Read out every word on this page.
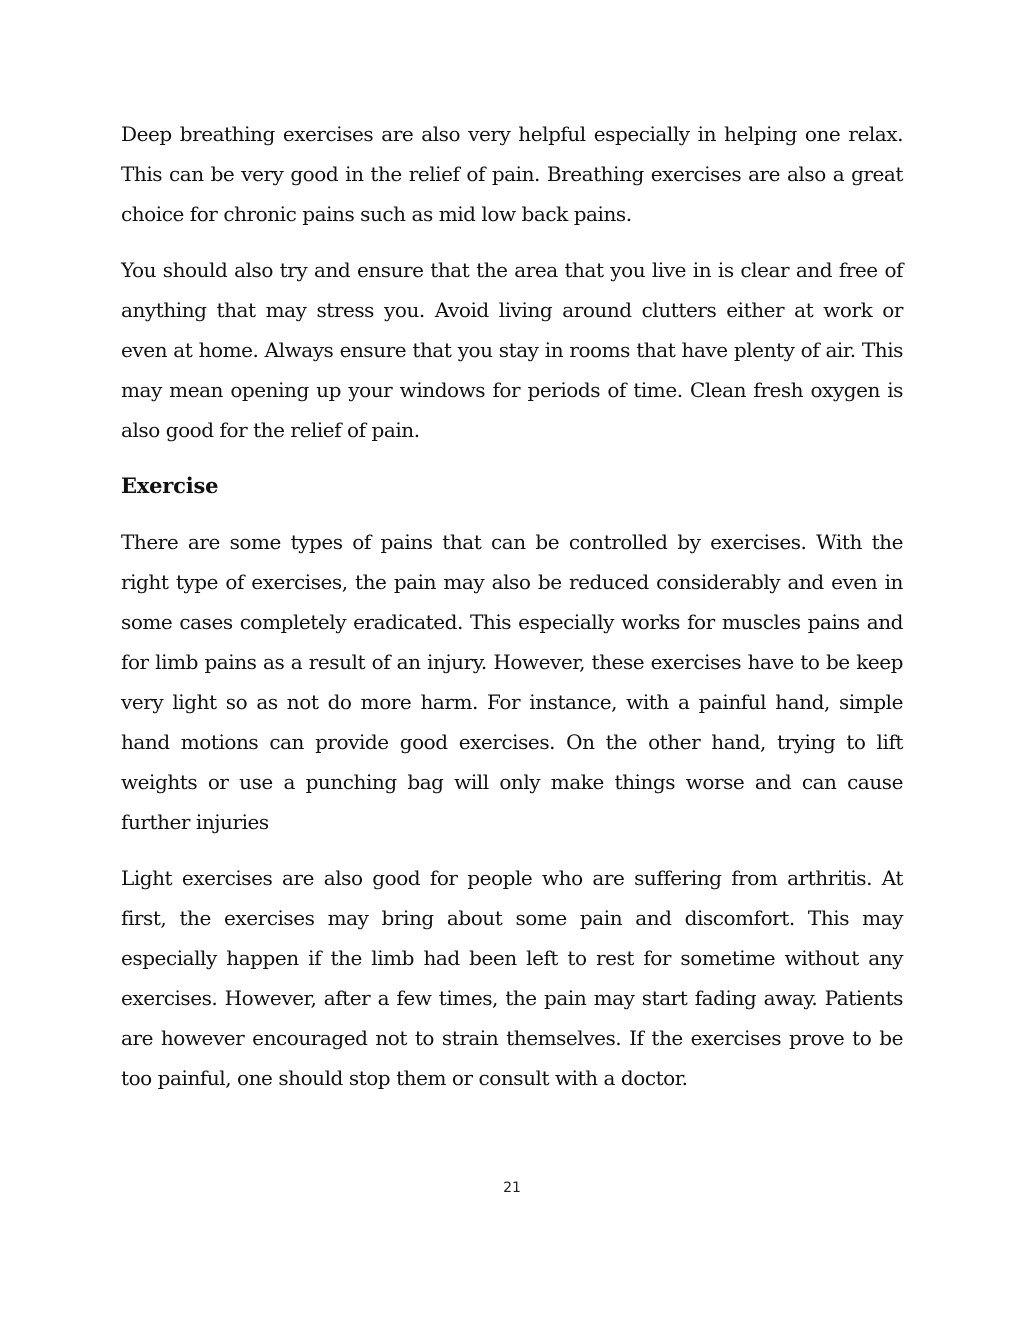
Deep breathing exercises are also very helpful especially in helping one relax. This can be very good in the relief of pain. Breathing exercises are also a great choice for chronic pains such as mid low back pains.

You should also try and ensure that the area that you live in is clear and free of anything that may stress you. Avoid living around clutters either at work or even at home. Always ensure that you stay in rooms that have plenty of air. This may mean opening up your windows for periods of time. Clean fresh oxygen is also good for the relief of pain.

Exercise

There are some types of pains that can be controlled by exercises. With the right type of exercises, the pain may also be reduced considerably and even in some cases completely eradicated. This especially works for muscles pains and for limb pains as a result of an injury. However, these exercises have to be keep very light so as not do more harm. For instance, with a painful hand, simple hand motions can provide good exercises. On the other hand, trying to lift weights or use a punching bag will only make things worse and can cause further injuries

Light exercises are also good for people who are suffering from arthritis. At first, the exercises may bring about some pain and discomfort. This may especially happen if the limb had been left to rest for sometime without any exercises. However, after a few times, the pain may start fading away. Patients are however encouraged not to strain themselves. If the exercises prove to be too painful, one should stop them or consult with a doctor.

21
